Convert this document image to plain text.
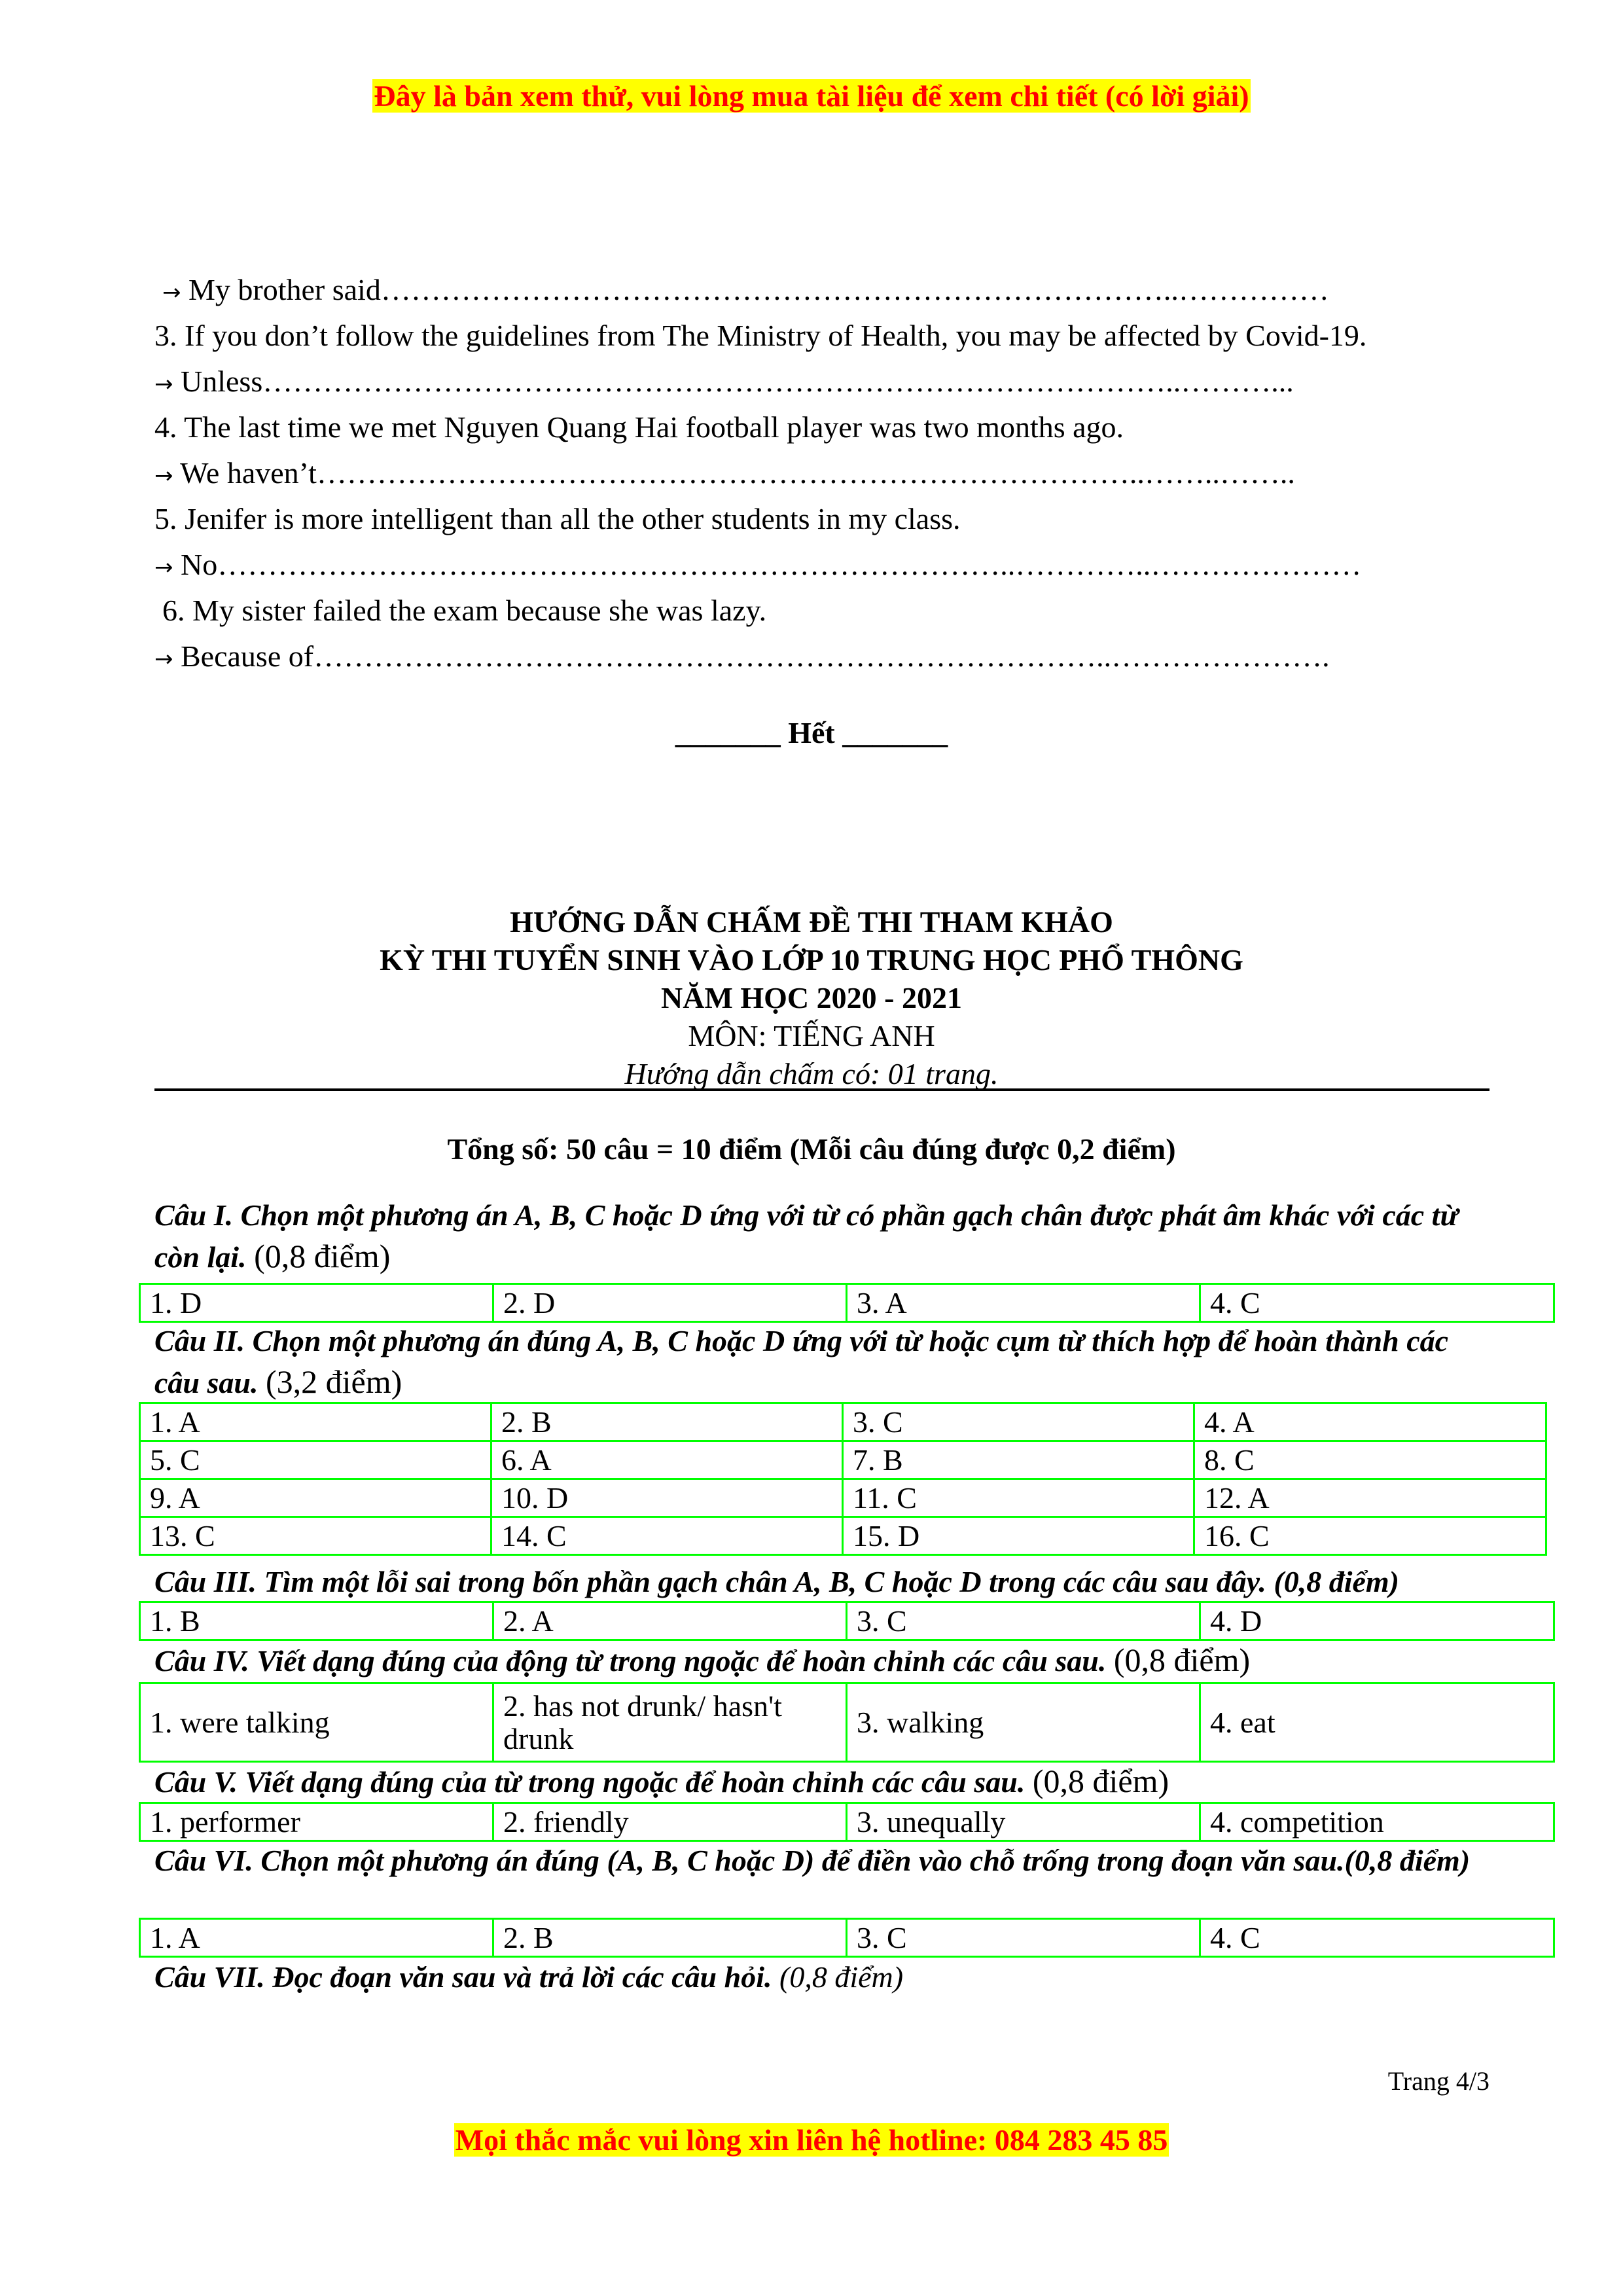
Đây là bản xem thử, vui lòng mua tài liệu để xem chi tiết (có lời giải)
→ My brother said……………………………………………………………………..……………
3. If you don’t follow the guidelines from The Ministry of Health, you may be affected by Covid-19.
→ Unless………………………………………………………………………………..………...
4. The last time we met Nguyen Quang Hai football player was two months ago.
→ We haven’t………………………………………………………………………..……..……..
5. Jenifer is more intelligent than all the other students in my class.
→ No……………………………………………………………………..…………..…………………
6. My sister failed the exam because she was lazy.
→ Because of……………………………………………………………………..………………….
_______ Hết _______
HƯỚNG DẪN CHẤM ĐỀ THI THAM KHẢO
KỲ THI TUYỂN SINH VÀO LỚP 10 TRUNG HỌC PHỔ THÔNG
NĂM HỌC 2020 - 2021
MÔN: TIẾNG ANH
Hướng dẫn chấm có: 01 trang.
Tổng số: 50 câu = 10 điểm (Mỗi câu đúng được 0,2 điểm)
Câu I. Chọn một phương án A, B, C hoặc D ứng với từ có phần gạch chân được phát âm khác với các từ còn lại. (0,8 điểm)
1. D	2. D	3. A	4. C
Câu II. Chọn một phương án đúng A, B, C hoặc D ứng với từ hoặc cụm từ thích hợp để hoàn thành các câu sau. (3,2 điểm)
1. A	2. B	3. C	4. A
5. C	6. A	7. B	8. C
9. A	10. D	11. C	12. A
13. C	14. C	15. D	16. C
Câu III. Tìm một lỗi sai trong bốn phần gạch chân A, B, C hoặc D trong các câu sau đây. (0,8 điểm)
1. B	2. A	3. C	4. D
Câu IV. Viết dạng đúng của động từ trong ngoặc để hoàn chỉnh các câu sau. (0,8 điểm)
1. were talking	2. has not drunk/ hasn't drunk	3. walking	4. eat
Câu V. Viết dạng đúng của từ trong ngoặc để hoàn chỉnh các câu sau. (0,8 điểm)
1. performer	2. friendly	3. unequally	4. competition
Câu VI. Chọn một phương án đúng (A, B, C hoặc D) để điền vào chỗ trống trong đoạn văn sau.(0,8 điểm)
1. A	2. B	3. C	4. C
Câu VII. Đọc đoạn văn sau và trả lời các câu hỏi. (0,8 điểm)
Trang 4/3
Mọi thắc mắc vui lòng xin liên hệ hotline: 084 283 45 85
